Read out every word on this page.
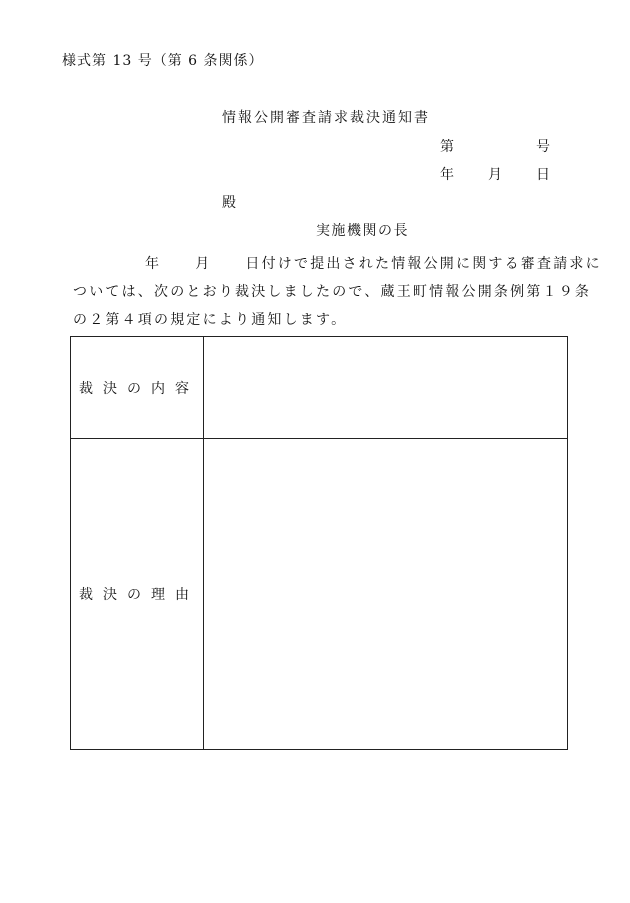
様式第 13 号（第 6 条関係）
情報公開審査請求裁決通知書
第	号
年 月 日
殿
実施機関の長
年 月 日付けで提出された情報公開に関する審査請求に
ついては、次のとおり裁決しましたので、蔵王町情報公開条例第１９条
の２第４項の規定により通知します。
裁決の内容
裁決の理由
